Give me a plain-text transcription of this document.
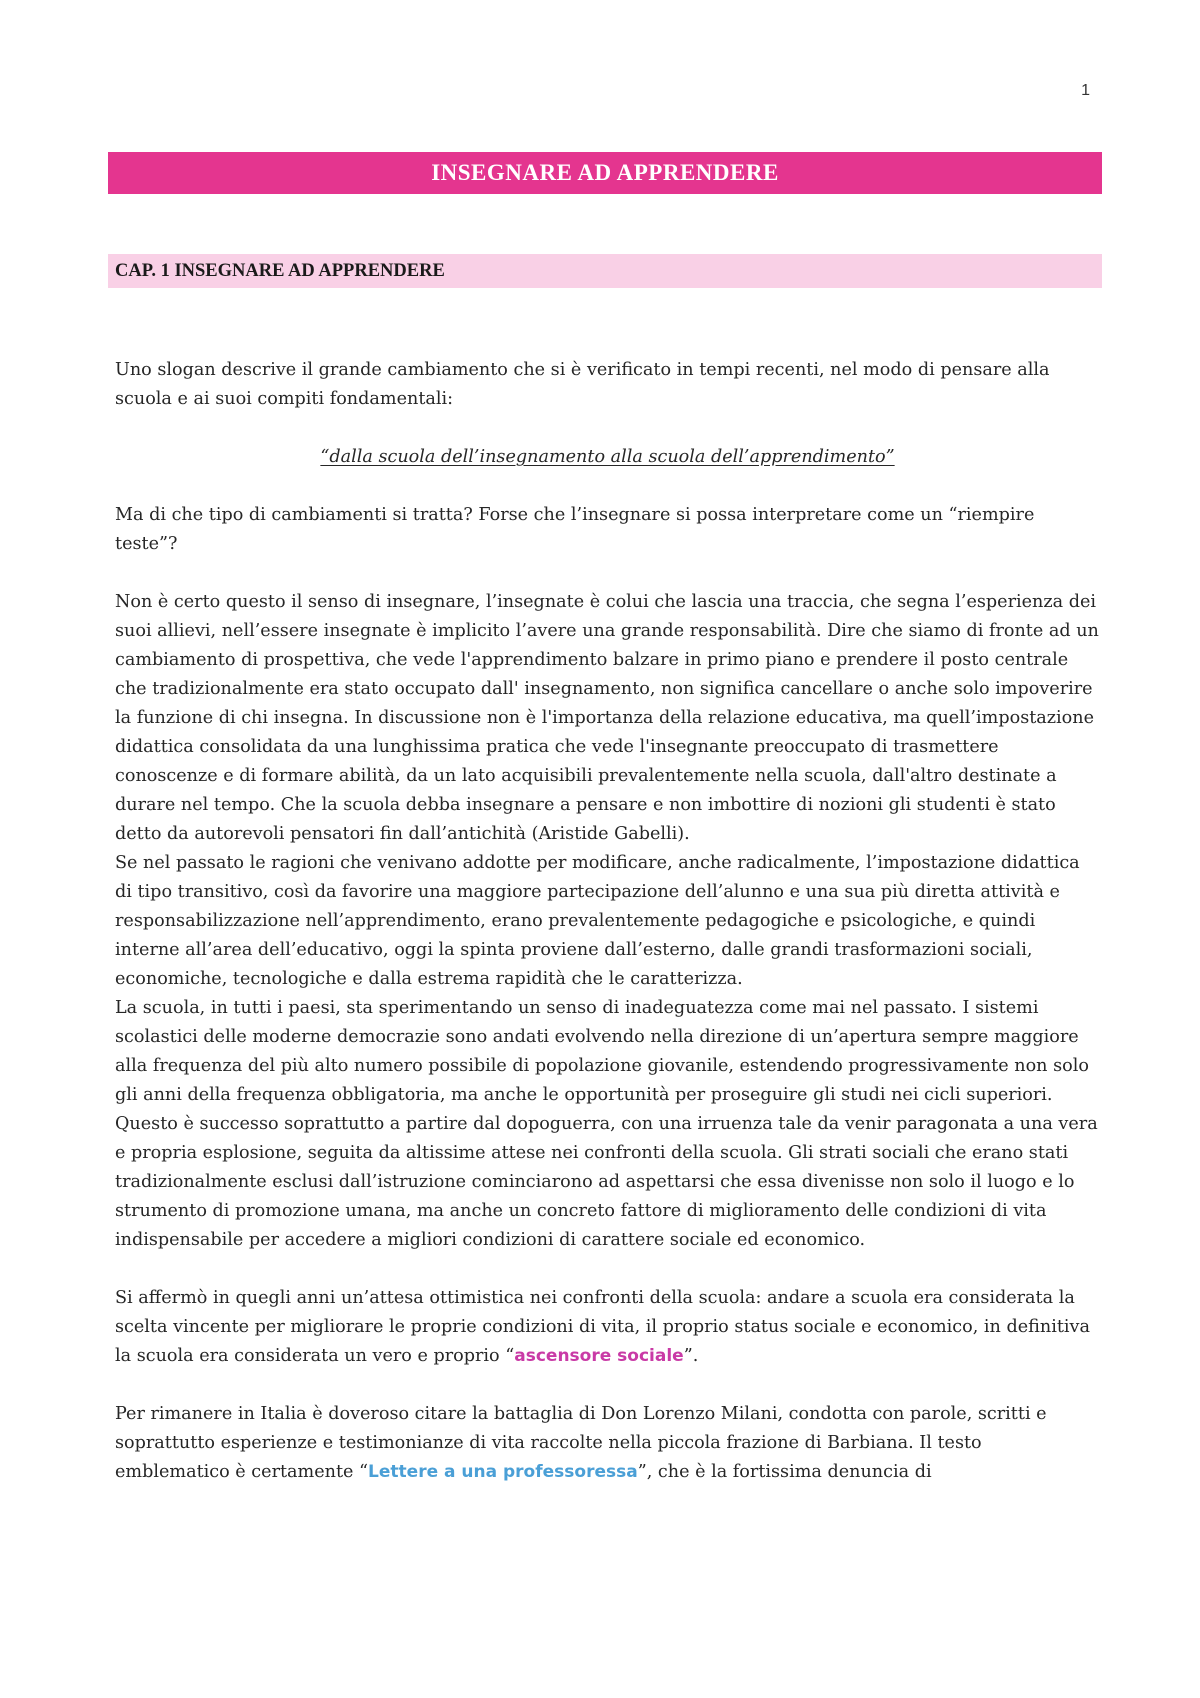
1
INSEGNARE AD APPRENDERE
CAP. 1 INSEGNARE AD APPRENDERE

Uno slogan descrive il grande cambiamento che si è verificato in tempi recenti, nel modo di pensare alla scuola e ai suoi compiti fondamentali:

“dalla scuola dell’insegnamento alla scuola dell’apprendimento”

Ma di che tipo di cambiamenti si tratta? Forse che l’insegnare si possa interpretare come un “riempire teste”?

Non è certo questo il senso di insegnare, l’insegnate è colui che lascia una traccia, che segna l’esperienza dei suoi allievi, nell’essere insegnate è implicito l’avere una grande responsabilità. Dire che siamo di fronte ad un cambiamento di prospettiva, che vede l'apprendimento balzare in primo piano e prendere il posto centrale che tradizionalmente era stato occupato dall' insegnamento, non significa cancellare o anche solo impoverire la funzione di chi insegna. In discussione non è l'importanza della relazione educativa, ma quell’impostazione didattica consolidata da una lunghissima pratica che vede l'insegnante preoccupato di trasmettere conoscenze e di formare abilità, da un lato acquisibili prevalentemente nella scuola, dall'altro destinate a durare nel tempo. Che la scuola debba insegnare a pensare e non imbottire di nozioni gli studenti è stato detto da autorevoli pensatori fin dall’antichità (Aristide Gabelli).

Se nel passato le ragioni che venivano addotte per modificare, anche radicalmente, l’impostazione didattica di tipo transitivo, così da favorire una maggiore partecipazione dell’alunno e una sua più diretta attività e responsabilizzazione nell’apprendimento, erano prevalentemente pedagogiche e psicologiche, e quindi interne all’area dell’educativo, oggi la spinta proviene dall’esterno, dalle grandi trasformazioni sociali, economiche, tecnologiche e dalla estrema rapidità che le caratterizza.

La scuola, in tutti i paesi, sta sperimentando un senso di inadeguatezza come mai nel passato. I sistemi scolastici delle moderne democrazie sono andati evolvendo nella direzione di un’apertura sempre maggiore alla frequenza del più alto numero possibile di popolazione giovanile, estendendo progressivamente non solo gli anni della frequenza obbligatoria, ma anche le opportunità per proseguire gli studi nei cicli superiori.

Questo è successo soprattutto a partire dal dopoguerra, con una irruenza tale da venir paragonata a una vera e propria esplosione, seguita da altissime attese nei confronti della scuola. Gli strati sociali che erano stati tradizionalmente esclusi dall’istruzione cominciarono ad aspettarsi che essa divenisse non solo il luogo e lo strumento di promozione umana, ma anche un concreto fattore di miglioramento delle condizioni di vita indispensabile per accedere a migliori condizioni di carattere sociale ed economico.

Si affermò in quegli anni un’attesa ottimistica nei confronti della scuola: andare a scuola era considerata la scelta vincente per migliorare le proprie condizioni di vita, il proprio status sociale e economico, in definitiva la scuola era considerata un vero e proprio “ascensore sociale”.

Per rimanere in Italia è doveroso citare la battaglia di Don Lorenzo Milani, condotta con parole, scritti e soprattutto esperienze e testimonianze di vita raccolte nella piccola frazione di Barbiana. Il testo emblematico è certamente “Lettere a una professoressa”, che è la fortissima denuncia di
